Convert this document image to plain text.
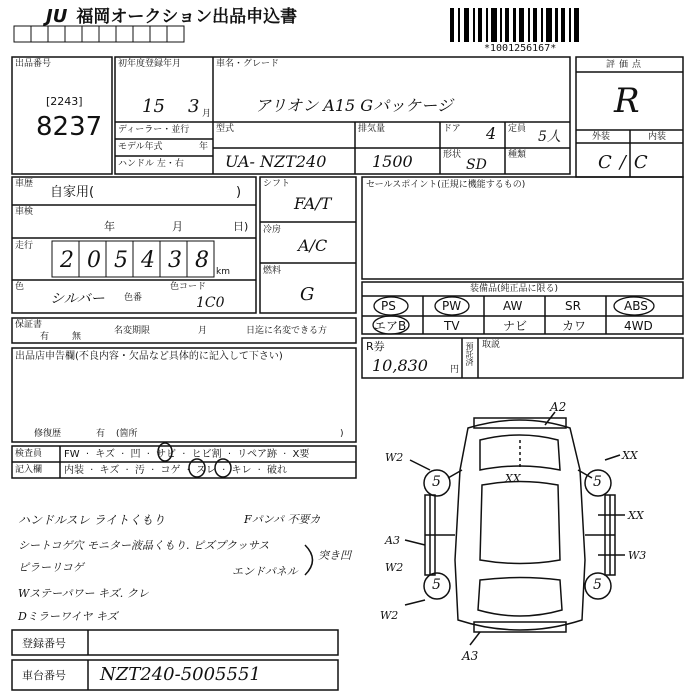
JU 福岡オークション出品申込書
*1001256167*
出品番号
[2243]
8237
初年度登録年月
15 3 月
ディーラー・並行
モデル年式	年
ハンドル 左・右
車名・グレード
アリオン A15 Gパッケージ
型式
UA- NZT240
排気量
1500
ドア 4 定員 5人
形状
SD
種類
評価点
R
外装	内装
C/C
車歴
自家用(	)
車検
年	月	日)
走行
2 0 5 4 3 8 km
色
シルバー 色番
色コード
1C0
シフト
FA/T
冷房
A/C
燃料
G
セールスポイント(正規に機能するもの)
装備品(純正品に限る)
PS	PW	AW	SR	ABS
エアB	TV	ナビ	カワ	4WD
R券
10,830 円
預託済 取説
保証書
有	無
名変期限	月	日迄に名変できる方
出品店申告欄(不良内容・欠品など具体的に記入して下さい)
修復歴	有 (箇所	)
検査員
記入欄
FW · キズ · 凹 · サビ · ヒビ割 · リペア跡 · X要
内装 · キズ · 汚 · コゲ · スレ · キレ · 破れ
ハンドルスレ ライトくもり	Fパンパ 不要カ
シートコゲ穴 モニター液晶くもり. ピズプクッサス
突き凹
ピラーリコゲ	エンドパネル
Wステーパワー キズ. クレ
Dミラーワイヤ キズ
A2
A3
W2	XX
XX
XX
A3
W2
W3
W2
5	5
5	5
登録番号
車台番号 NZT240-5005551
